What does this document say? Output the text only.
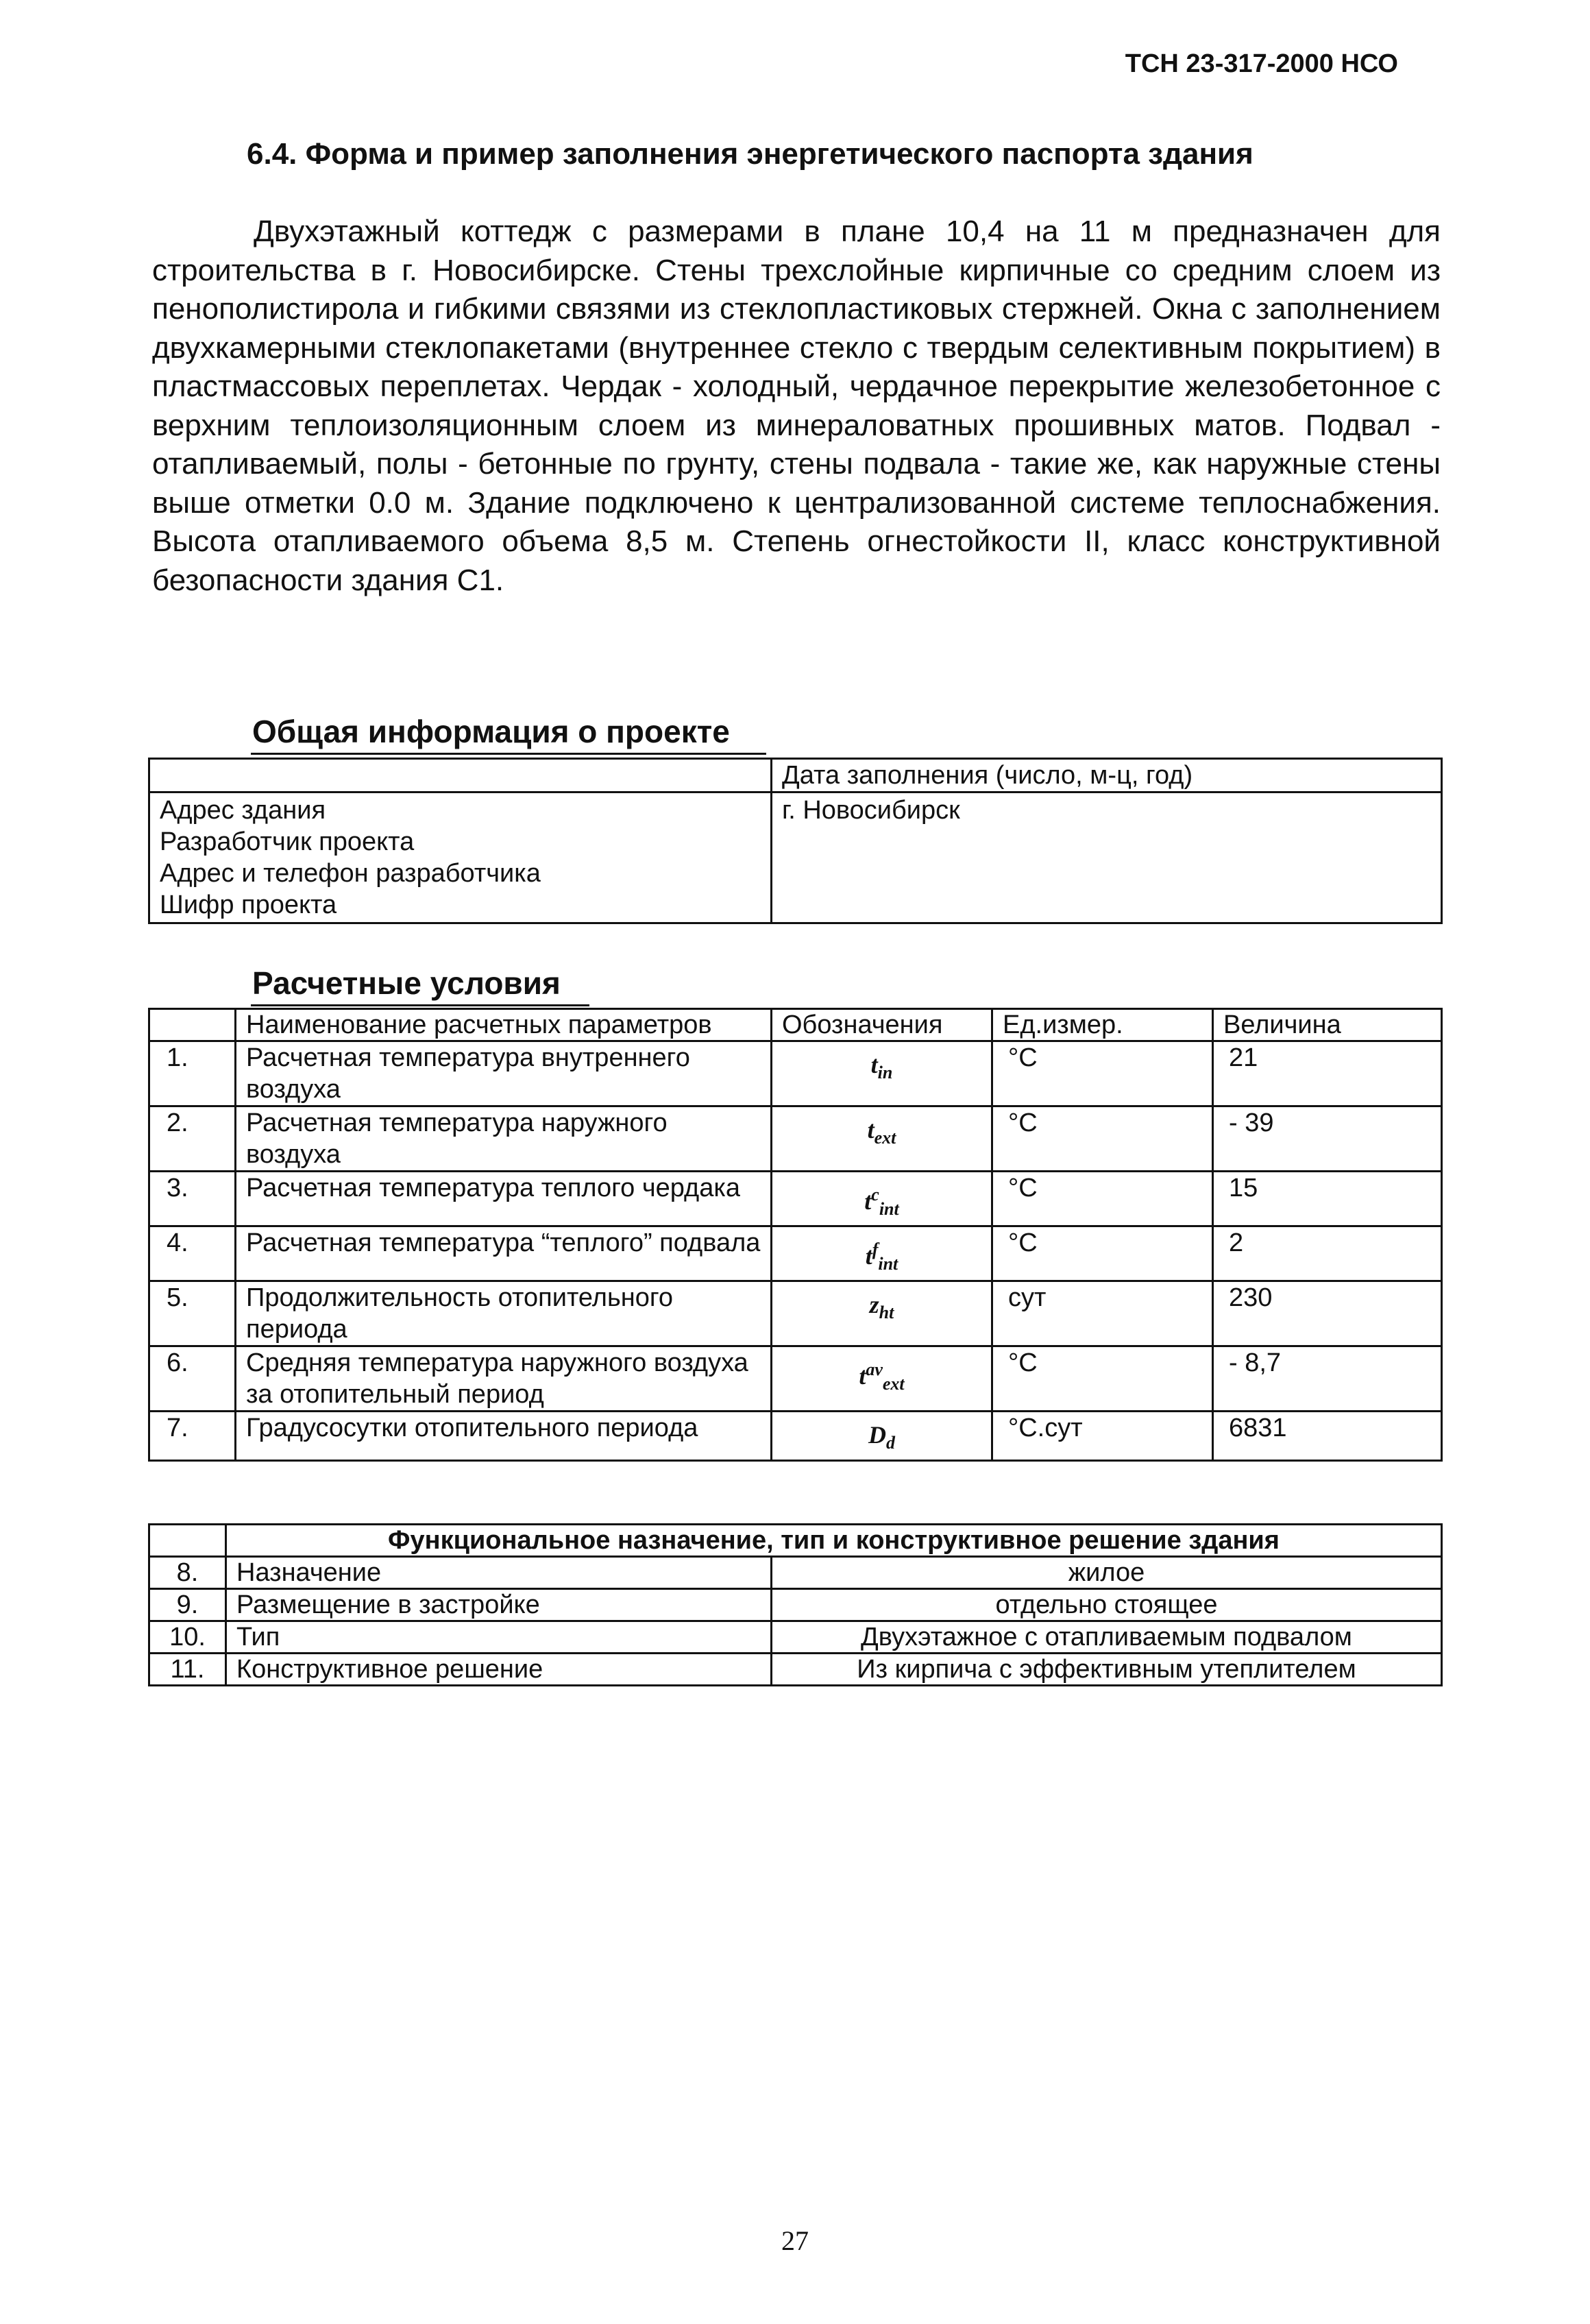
ТСН 23-317-2000 НСО
6.4. Форма и пример заполнения энергетического паспорта здания
Двухэтажный коттедж с размерами в плане 10,4 на 11 м предназначен для строительства в г. Новосибирске. Стены трехслойные кирпичные со средним слоем из пенополистирола и гибкими связями из стеклопластиковых стержней. Окна с заполнением двухкамерными стеклопакетами (внутреннее стекло с твердым селективным покрытием) в пластмассовых переплетах. Чердак - холодный, чердачное перекрытие железобетонное с верхним теплоизоляционным слоем из минераловатных прошивных матов. Подвал - отапливаемый, полы - бетонные по грунту, стены подвала - такие же, как наружные стены выше отметки 0.0 м. Здание подключено к централизованной системе теплоснабжения. Высота отапливаемого объема 8,5 м. Степень огнестойкости II, класс конструктивной безопасности здания С1.
Общая информация о проекте
	Дата заполнения (число, м-ц, год)

Адрес здания
Разработчик проекта
Адрес и телефон разработчика
Шифр проекта	г. Новосибирск
Расчетные условия
	Наименование расчетных параметров	Обозначения	Ед.измер.	Величина
1.	Расчетная температура внутреннего воздуха	$t_{in}$	°С	21
2.	Расчетная температура наружного воздуха	$t_{ext}$	°С	- 39
3.	Расчетная температура теплого чердака	$t^c_{int}$	°С	15
4.	Расчетная температура “теплого” подвала	$t^f_{int}$	°С	2
5.	Продолжительность отопительного периода	$z_{ht}$	сут	230
6.	Средняя температура наружного воздуха за отопительный период	$t^{av}_{ext}$	°С	- 8,7
7.	Градусосутки отопительного периода	$D_d$	°С.сут	6831
	Функциональное назначение, тип и конструктивное решение здания	
8.	Назначение	жилое
9.	Размещение в застройке	отдельно стоящее
10.	Тип	Двухэтажное с отапливаемым подвалом
11.	Конструктивное решение	Из кирпича с эффективным утеплителем
27
